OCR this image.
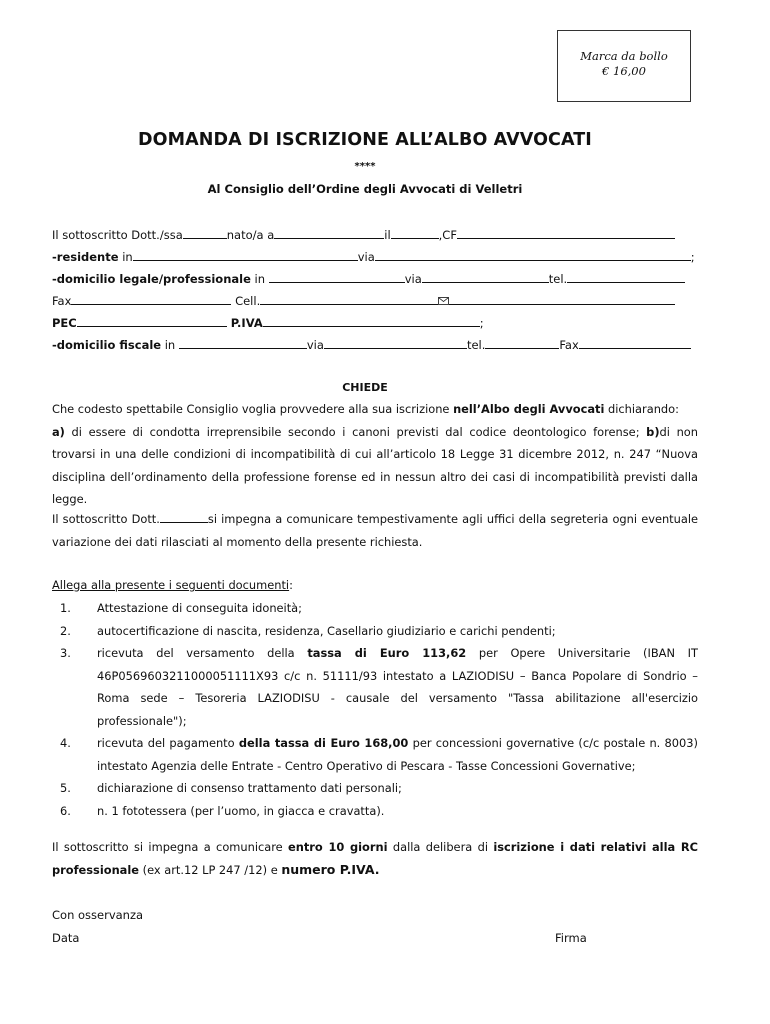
Marca da bollo
€ 16,00
DOMANDA DI ISCRIZIONE ALL’ALBO AVVOCATI
****
Al Consiglio dell’Ordine degli Avvocati di Velletri
Il sottoscritto Dott./ssa	nato/a a	il	,CF
-residente in	via	;
-domicilio legale/professionale in	via	tel.
Fax	Cell.
PEC	P.IVA	;
-domicilio fiscale in	via	tel.	Fax
CHIEDE
Che codesto spettabile Consiglio voglia provvedere alla sua iscrizione nell’Albo degli Avvocati dichiarando:
a) di essere di condotta irreprensibile secondo i canoni previsti dal codice deontologico forense; b)di non trovarsi in una delle condizioni di incompatibilità di cui all’articolo 18 Legge 31 dicembre 2012, n. 247 “Nuova disciplina dell’ordinamento della professione forense ed in nessun altro dei casi di incompatibilità previsti dalla legge.
Il sottoscritto Dott.	si impegna a comunicare tempestivamente agli uffici della segreteria ogni eventuale variazione dei dati rilasciati al momento della presente richiesta.
Allega alla presente i seguenti documenti:
1.	Attestazione di conseguita idoneità;
2.	autocertificazione di nascita, residenza, Casellario giudiziario e carichi pendenti;
3.	ricevuta del versamento della tassa di Euro 113,62 per Opere Universitarie (IBAN IT 46P0569603211000051111X93 c/c n. 51111/93 intestato a LAZIODISU – Banca Popolare di Sondrio – Roma sede – Tesoreria LAZIODISU - causale del versamento "Tassa abilitazione all'esercizio professionale");
4.	ricevuta del pagamento della tassa di Euro 168,00 per concessioni governative (c/c postale n. 8003) intestato Agenzia delle Entrate - Centro Operativo di Pescara - Tasse Concessioni Governative;
5.	dichiarazione di consenso trattamento dati personali;
6.	n. 1 fototessera (per l’uomo, in giacca e cravatta).
Il sottoscritto si impegna a comunicare entro 10 giorni dalla delibera di iscrizione i dati relativi alla RC professionale (ex art.12 LP 247 /12) e numero P.IVA.
Con osservanza
Data	Firma
